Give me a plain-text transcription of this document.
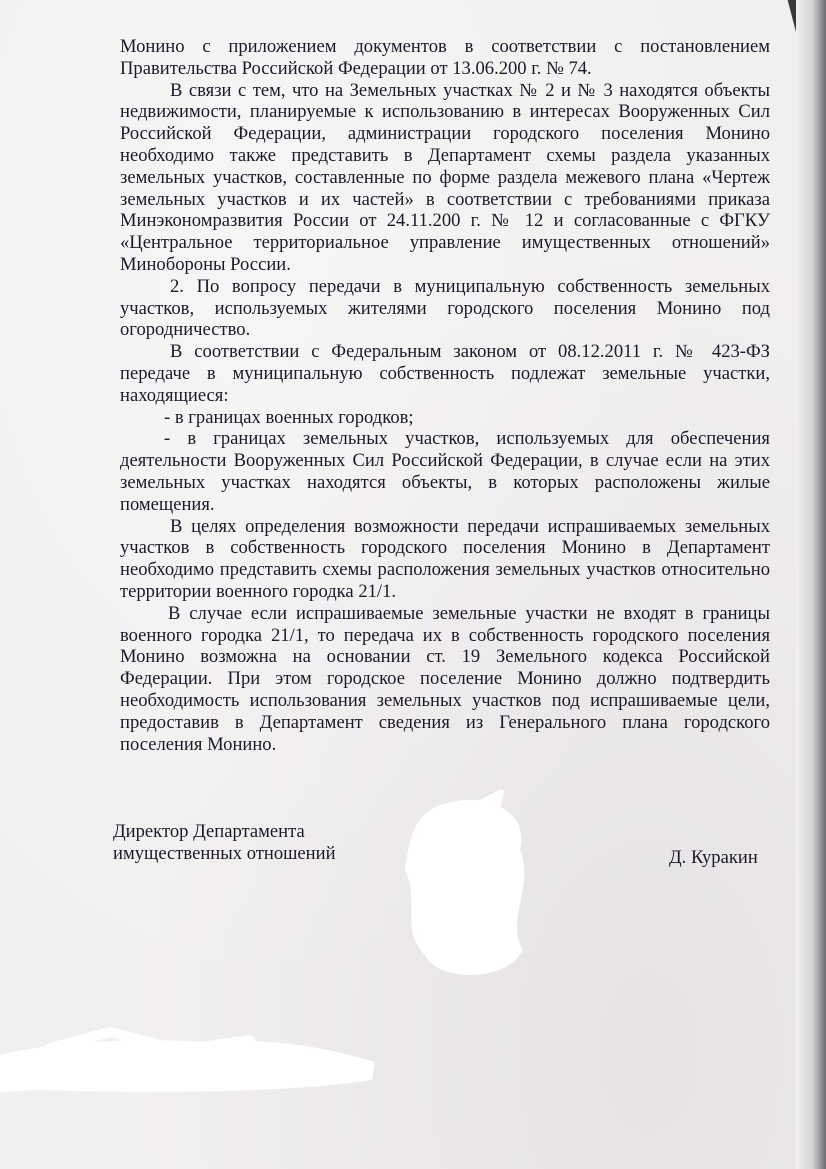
Монино с приложением документов в соответствии с постановлением Правительства Российской Федерации от 13.06.200 г. № 74.

В связи с тем, что на Земельных участках № 2 и № 3 находятся объекты недвижимости, планируемые к использованию в интересах Вооруженных Сил Российской Федерации, администрации городского поселения Монино необходимо также представить в Департамент схемы раздела указанных земельных участков, составленные по форме раздела межевого плана «Чертеж земельных участков и их частей» в соответствии с требованиями приказа Минэкономразвития России от 24.11.200 г. № 12 и согласованные с ФГКУ «Центральное территориальное управление имущественных отношений» Минобороны России.

2. По вопросу передачи в муниципальную собственность земельных участков, используемых жителями городского поселения Монино под огородничество.

В соответствии с Федеральным законом от 08.12.2011 г. № 423-ФЗ передаче в муниципальную собственность подлежат земельные участки, находящиеся:

- в границах военных городков;

- в границах земельных участков, используемых для обеспечения деятельности Вооруженных Сил Российской Федерации, в случае если на этих земельных участках находятся объекты, в которых расположены жилые помещения.

В целях определения возможности передачи испрашиваемых земельных участков в собственность городского поселения Монино в Департамент необходимо представить схемы расположения земельных участков относительно территории военного городка 21/1.

В случае если испрашиваемые земельные участки не входят в границы военного городка 21/1, то передача их в собственность городского поселения Монино возможна на основании ст. 19 Земельного кодекса Российской Федерации. При этом городское поселение Монино должно подтвердить необходимость использования земельных участков под испрашиваемые цели, предоставив в Департамент сведения из Генерального плана городского поселения Монино.

Директор Департамента
имущественных отношений	Д. Куракин
